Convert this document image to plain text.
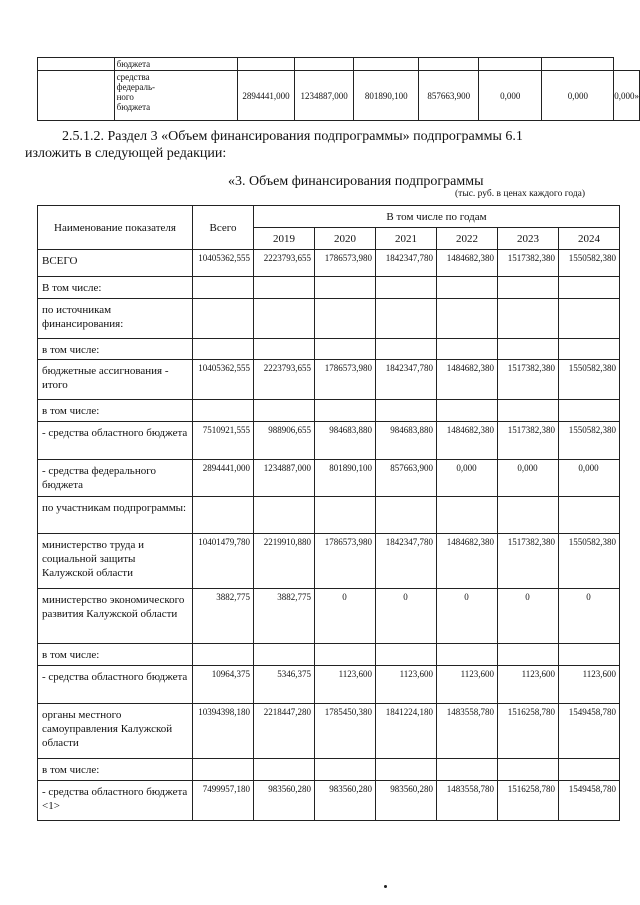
	бюджета							

	средства
федераль-
ного
бюджета	2894441,000	1234887,000	801890,100	857663,900	0,000	0,000	0,000»
2.5.1.2. Раздел 3 «Объем финансирования подпрограммы» подпрограммы 6.1
изложить в следующей редакции:
«3. Объем финансирования подпрограммы
(тыс. руб. в ценах каждого года)
Наименование показателя	Всего	В том числе по годам					
		2019	2020	2021	2022	2023	2024
ВСЕГО	10405362,555	2223793,655	1786573,980	1842347,780	1484682,380	1517382,380	1550582,380
В том числе:							
по источникам финансирования:							
в том числе:							
бюджетные ассигнования - итого	10405362,555	2223793,655	1786573,980	1842347,780	1484682,380	1517382,380	1550582,380
в том числе:							
- средства областного бюджета	7510921,555	988906,655	984683,880	984683,880	1484682,380	1517382,380	1550582,380
- средства федерального бюджета	2894441,000	1234887,000	801890,100	857663,900	0,000	0,000	0,000
по участникам подпрограммы:							
министерство труда и социальной защиты Калужской области	10401479,780	2219910,880	1786573,980	1842347,780	1484682,380	1517382,380	1550582,380
министерство экономического развития Калужской области	3882,775	3882,775	0	0	0	0	0
в том числе:							
- средства областного бюджета	10964,375	5346,375	1123,600	1123,600	1123,600	1123,600	1123,600
органы местного самоуправления Калужской области	10394398,180	2218447,280	1785450,380	1841224,180	1483558,780	1516258,780	1549458,780
в том числе:							
- средства областного бюджета <1>	7499957,180	983560,280	983560,280	983560,280	1483558,780	1516258,780	1549458,780
